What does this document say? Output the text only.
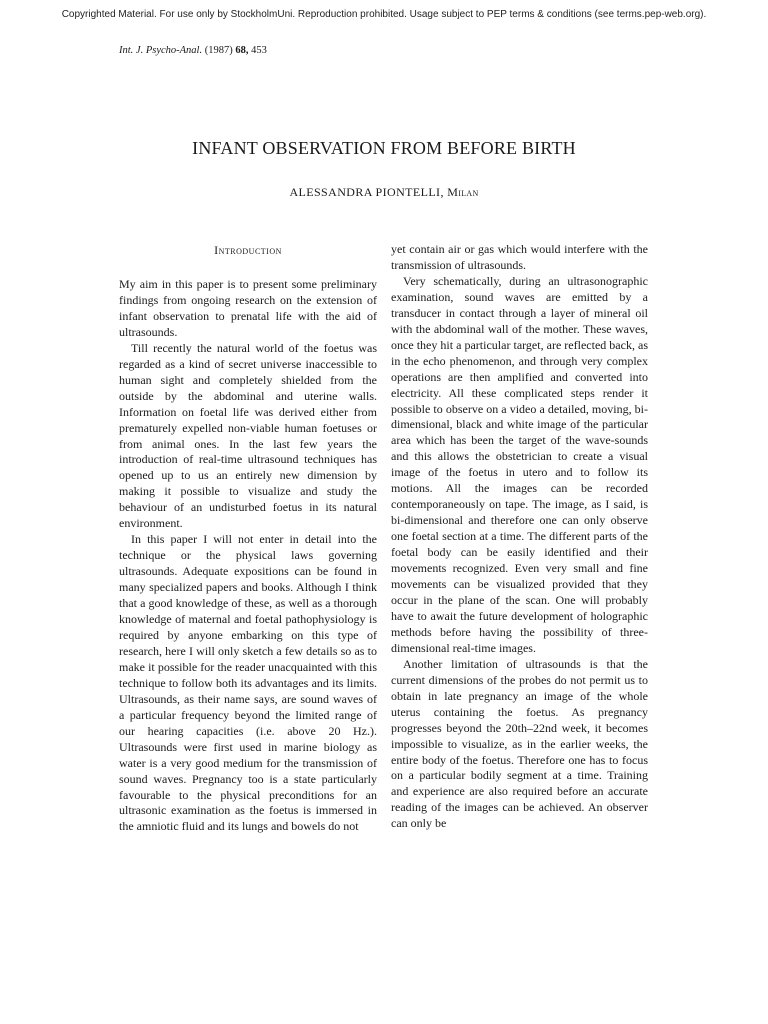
Copyrighted Material. For use only by StockholmUni. Reproduction prohibited. Usage subject to PEP terms & conditions (see terms.pep-web.org).
Int. J. Psycho-Anal. (1987) 68, 453
INFANT OBSERVATION FROM BEFORE BIRTH
ALESSANDRA PIONTELLI, Milan
Introduction

My aim in this paper is to present some preliminary findings from ongoing research on the extension of infant observation to prenatal life with the aid of ultrasounds.

Till recently the natural world of the foetus was regarded as a kind of secret universe inaccessible to human sight and completely shielded from the outside by the abdominal and uterine walls. Information on foetal life was derived either from prematurely expelled non-viable human foetuses or from animal ones. In the last few years the introduction of real-time ultrasound techniques has opened up to us an entirely new dimension by making it possible to visualize and study the behaviour of an undisturbed foetus in its natural environment.

In this paper I will not enter in detail into the technique or the physical laws governing ultrasounds. Adequate expositions can be found in many specialized papers and books. Although I think that a good knowledge of these, as well as a thorough knowledge of maternal and foetal pathophysiology is required by anyone embarking on this type of research, here I will only sketch a few details so as to make it possible for the reader unacquainted with this technique to follow both its advantages and its limits. Ultrasounds, as their name says, are sound waves of a particular frequency beyond the limited range of our hearing capacities (i.e. above 20 Hz.). Ultrasounds were first used in marine biology as water is a very good medium for the transmission of sound waves. Pregnancy too is a state particularly favourable to the physical preconditions for an ultrasonic examination as the foetus is immersed in the amniotic fluid and its lungs and bowels do not

yet contain air or gas which would interfere with the transmission of ultrasounds.

Very schematically, during an ultrasonographic examination, sound waves are emitted by a transducer in contact through a layer of mineral oil with the abdominal wall of the mother. These waves, once they hit a particular target, are reflected back, as in the echo phenomenon, and through very complex operations are then amplified and converted into electricity. All these complicated steps render it possible to observe on a video a detailed, moving, bi-dimensional, black and white image of the particular area which has been the target of the wave-sounds and this allows the obstetrician to create a visual image of the foetus in utero and to follow its motions. All the images can be recorded contemporaneously on tape. The image, as I said, is bi-dimensional and therefore one can only observe one foetal section at a time. The different parts of the foetal body can be easily identified and their movements recognized. Even very small and fine movements can be visualized provided that they occur in the plane of the scan. One will probably have to await the future development of holographic methods before having the possibility of three-dimensional real-time images.

Another limitation of ultrasounds is that the current dimensions of the probes do not permit us to obtain in late pregnancy an image of the whole uterus containing the foetus. As pregnancy progresses beyond the 20th–22nd week, it becomes impossible to visualize, as in the earlier weeks, the entire body of the foetus. Therefore one has to focus on a particular bodily segment at a time. Training and experience are also required before an accurate reading of the images can be achieved. An observer can only be
